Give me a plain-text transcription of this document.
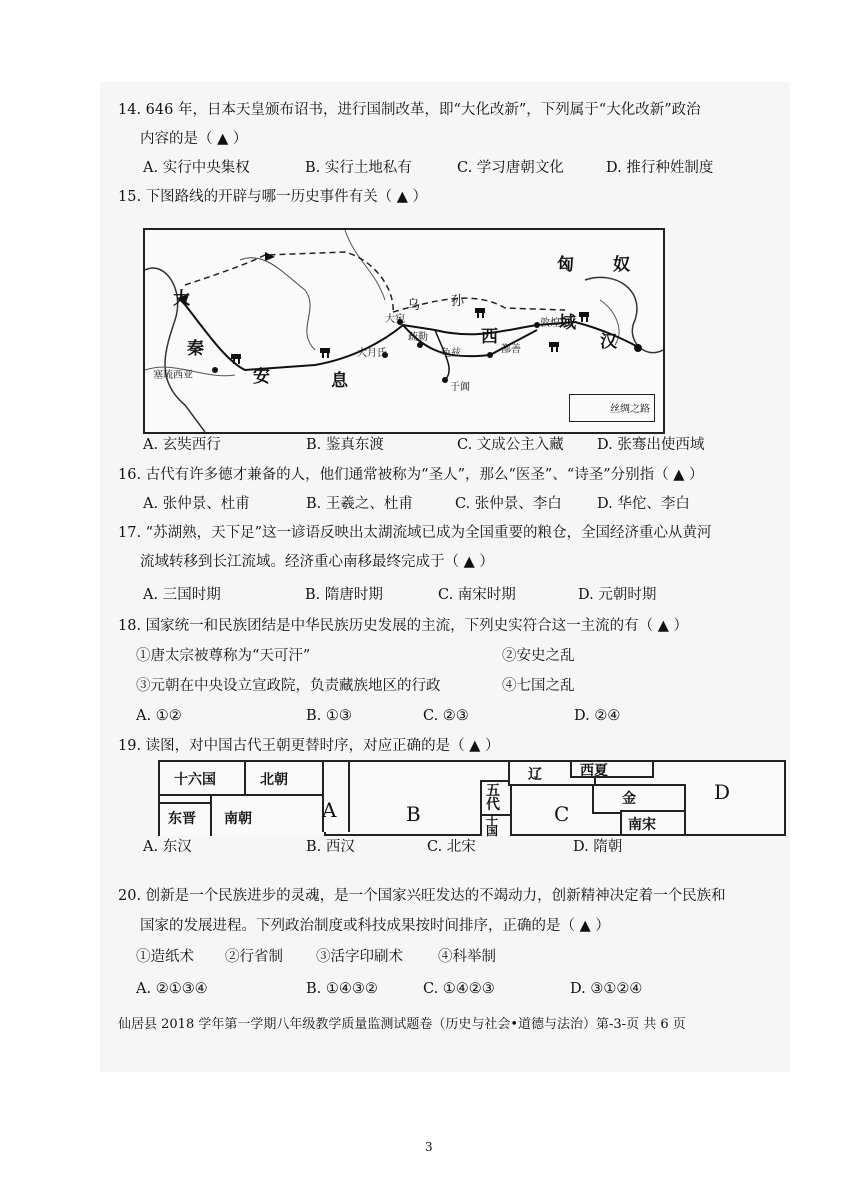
14. 646 年，日本天皇颁布诏书，进行国制改革，即“大化改新”，下列属于“大化改新”政治
内容的是（ ▲ ）
A. 实行中央集权	B. 实行土地私有	C. 学习唐朝文化	D. 推行种姓制度
15. 下图路线的开辟与哪一历史事件有关（ ▲ ）
匈 奴
大
秦
安	息
乌 孙
大宛
疏勒
大月氏
西
域
龟兹
于阗
鄯善
敦煌
汉
塞琉西亚
丝绸之路
A. 玄奘西行	B. 鉴真东渡	C. 文成公主入藏 D. 张骞出使西域
16. 古代有许多德才兼备的人，他们通常被称为“圣人”，那么“医圣”、“诗圣”分别指（ ▲ ）
A. 张仲景、杜甫	B. 王羲之、杜甫	C. 张仲景、李白 D. 华佗、李白
17. “苏湖熟，天下足”这一谚语反映出太湖流域已成为全国重要的粮仓，全国经济重心从黄河
流域转移到长江流域。经济重心南移最终完成于（ ▲ ）
A. 三国时期	B. 隋唐时期	C. 南宋时期	D. 元朝时期
18. 国家统一和民族团结是中华民族历史发展的主流，下列史实符合这一主流的有（ ▲ ）
①唐太宗被尊称为“天可汗”	②安史之乱
③元朝在中央设立宣政院，负责藏族地区的行政	④七国之乱
A. ①②	B. ①③	C. ②③	D. ②④
19. 读图，对中国古代王朝更替时序，对应正确的是（ ▲ ）
十六国	北朝
东晋 南朝	A	B
五
代
十
国
辽	西夏
金
南宋
C
D
A. 东汉	B. 西汉	C. 北宋	D. 隋朝
20. 创新是一个民族进步的灵魂，是一个国家兴旺发达的不竭动力，创新精神决定着一个民族和
国家的发展进程。下列政治制度或科技成果按时间排序，正确的是（ ▲ ）
①造纸术 ②行省制 ③活字印刷术 ④科举制
A. ②①③④	B. ①④③②	C. ①④②③	D. ③①②④
仙居县 2018 学年第一学期八年级教学质量监测试题卷（历史与社会•道德与法治）第-3-页 共 6 页
3
